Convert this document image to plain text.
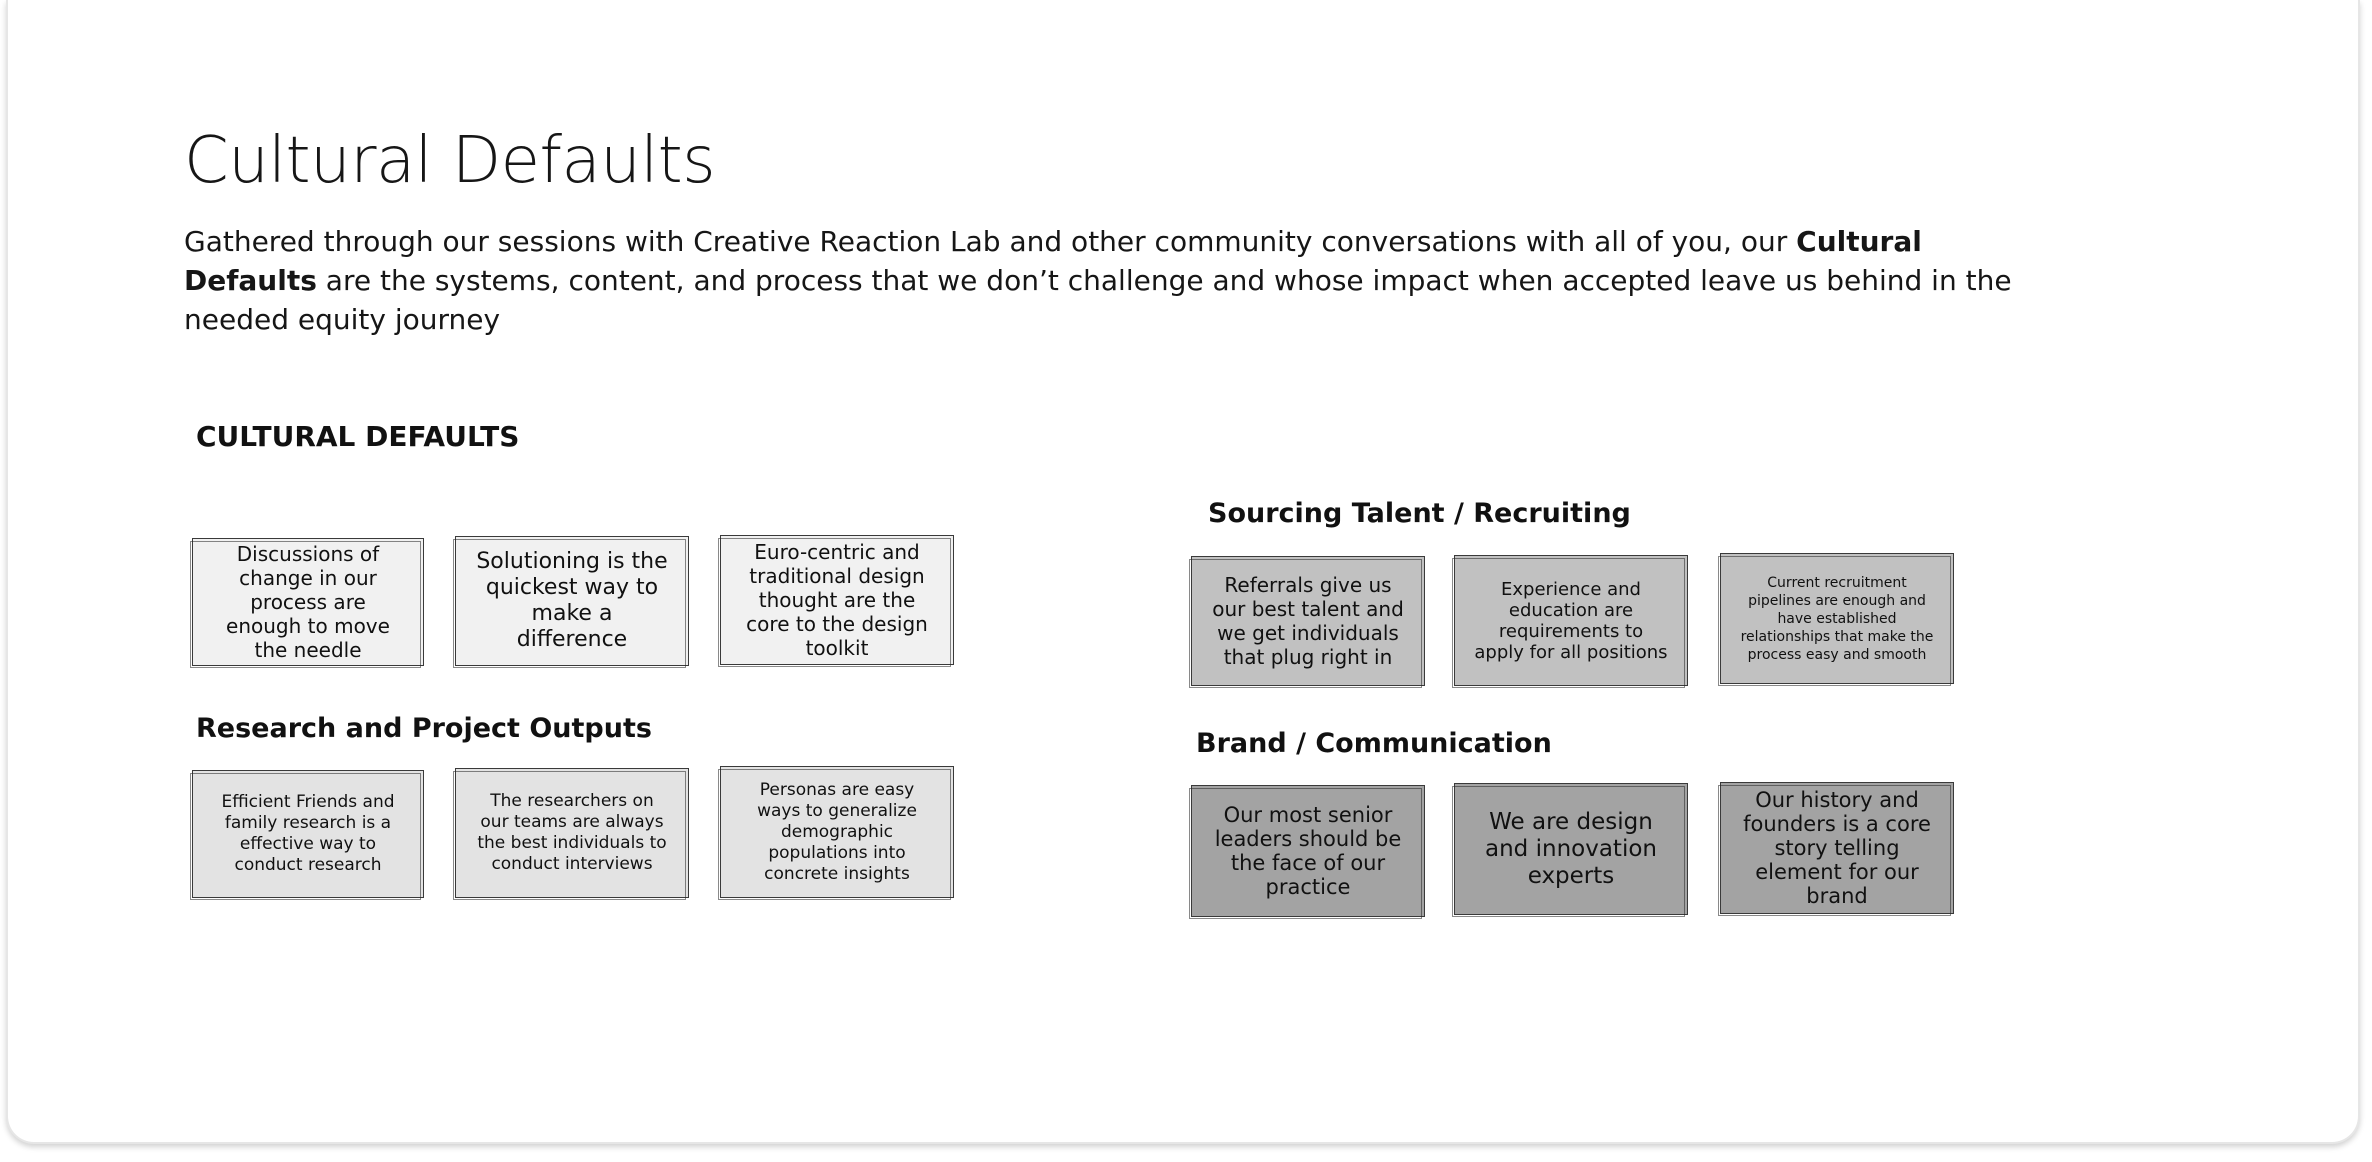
Cultural Defaults
Gathered through our sessions with Creative Reaction Lab and other community conversations with all of you, our Cultural Defaults are the systems, content, and process that we don’t challenge and whose impact when accepted leave us behind in the needed equity journey
CULTURAL DEFAULTS
Discussions of change in our process are enough to move the needle
Solutioning is the quickest way to make a difference
Euro-centric and traditional design thought are the core to the design toolkit
Research and Project Outputs
Efficient Friends and family research is a effective way to conduct research
The researchers on our teams are always the best individuals to conduct interviews
Personas are easy ways to generalize demographic populations into concrete insights
Sourcing Talent / Recruiting
Referrals give us our best talent and we get individuals that plug right in
Experience and education are requirements to apply for all positions
Current recruitment pipelines are enough and have established relationships that make the process easy and smooth
Brand / Communication
Our most senior leaders should be the face of our practice
We are design and innovation experts
Our history and founders is a core story telling element for our brand
